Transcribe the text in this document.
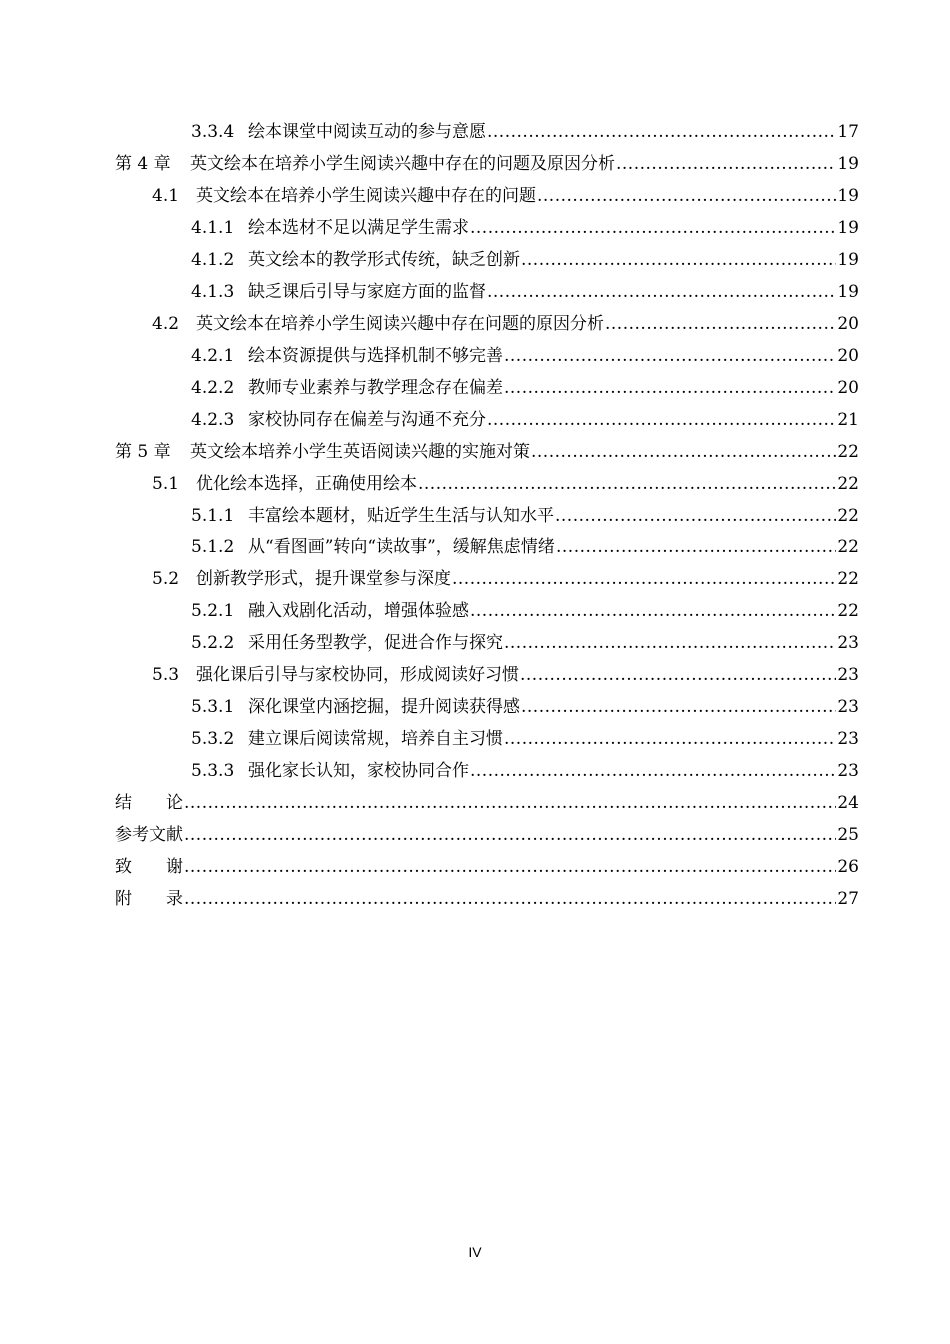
3.3.4 绘本课堂中阅读互动的参与意愿 .....	17
第 4 章 英文绘本在培养小学生阅读兴趣中存在的问题及原因分析 .....	19
4.1 英文绘本在培养小学生阅读兴趣中存在的问题 .....	19
4.1.1 绘本选材不足以满足学生需求 .....	19
4.1.2 英文绘本的教学形式传统，缺乏创新 .....	19
4.1.3 缺乏课后引导与家庭方面的监督 .....	19
4.2 英文绘本在培养小学生阅读兴趣中存在问题的原因分析 .....	20
4.2.1 绘本资源提供与选择机制不够完善 .....	20
4.2.2 教师专业素养与教学理念存在偏差 .....	20
4.2.3 家校协同存在偏差与沟通不充分 .....	21
第 5 章 英文绘本培养小学生英语阅读兴趣的实施对策 .....	22
5.1 优化绘本选择，正确使用绘本 .....	22
5.1.1 丰富绘本题材，贴近学生生活与认知水平 .....	22
5.1.2 从“看图画”转向“读故事”，缓解焦虑情绪 .....	22
5.2 创新教学形式，提升课堂参与深度 .....	22
5.2.1 融入戏剧化活动，增强体验感 .....	22
5.2.2 采用任务型教学，促进合作与探究 .....	23
5.3 强化课后引导与家校协同，形成阅读好习惯 .....	23
5.3.1 深化课堂内涵挖掘，提升阅读获得感 .....	23
5.3.2 建立课后阅读常规，培养自主习惯 .....	23
5.3.3 强化家长认知，家校协同合作 .....	23
结　　论 .....	24
参考文献 .....	25
致　　谢 .....	26
附　　录 .....	27
IV
